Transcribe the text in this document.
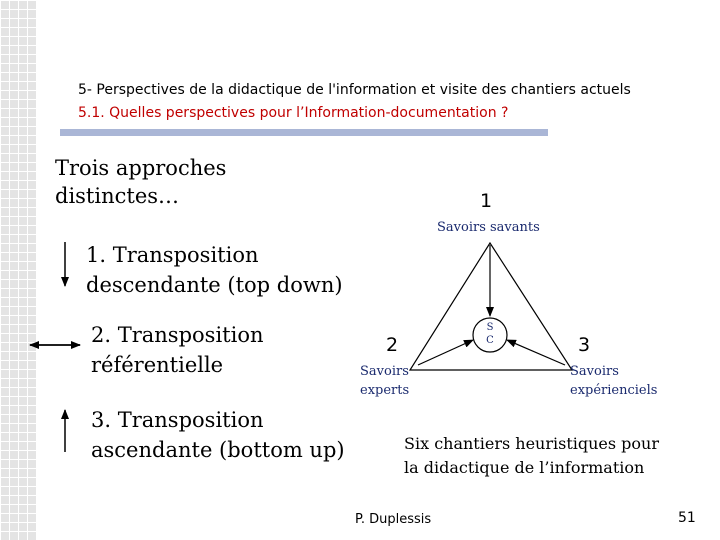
5- Perspectives de la didactique de l'information et visite des chantiers actuels
5.1. Quelles perspectives pour l’Information-documentation ?
Trois approches
distinctes…
1. Transposition
descendante (top down)
2. Transposition
référentielle
3. Transposition
ascendante (bottom up)
1
Savoirs savants
2
Savoirs
experts
3
Savoirs
expérienciels
S
C
Six chantiers heuristiques pour
la didactique de l’information
P. Duplessis	51
